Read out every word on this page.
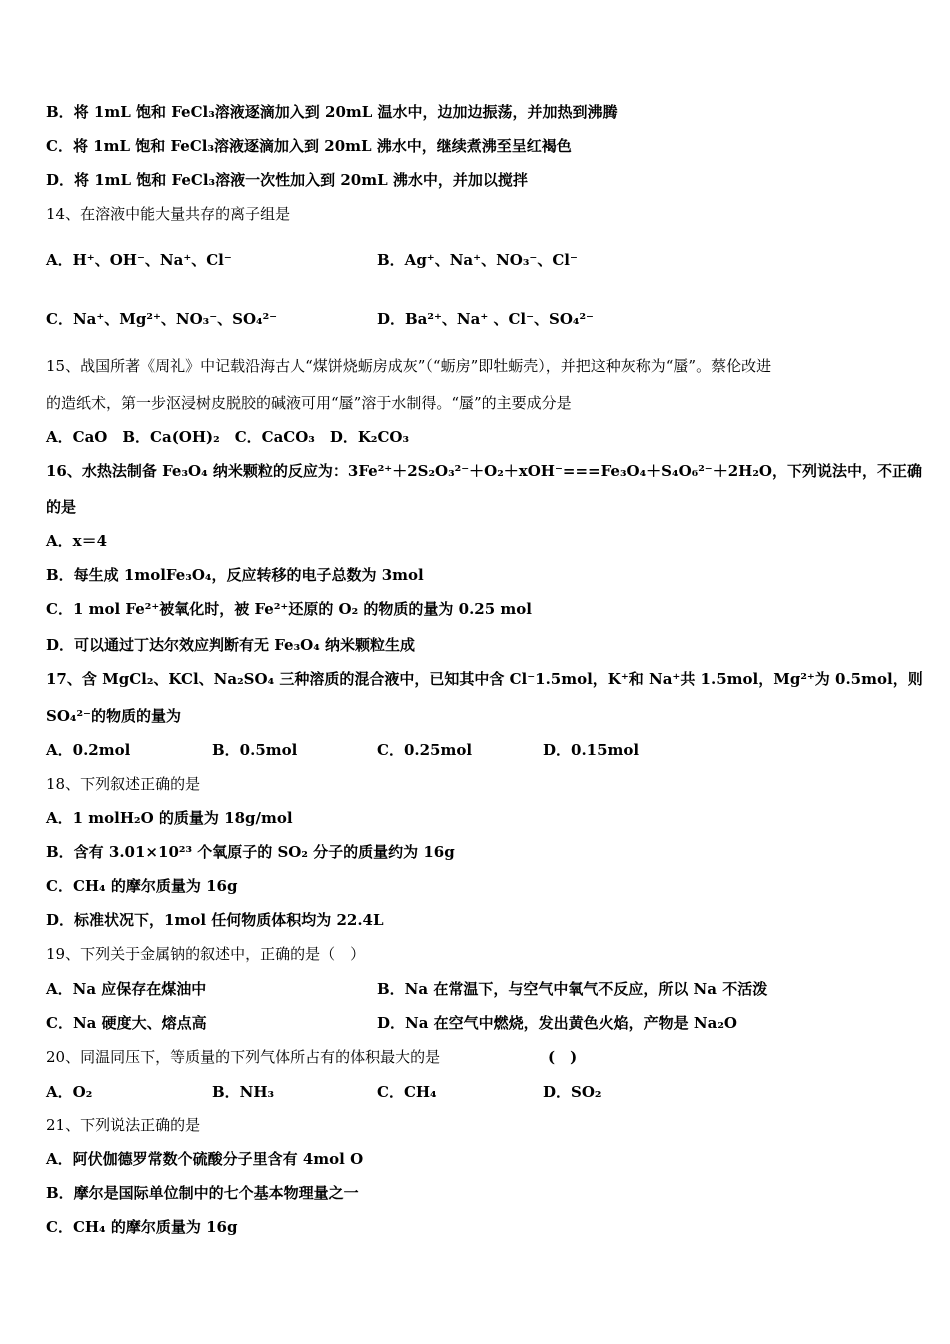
B．将 1mL 饱和 FeCl₃溶液逐滴加入到 20mL 温水中，边加边振荡，并加热到沸腾
C．将 1mL 饱和 FeCl₃溶液逐滴加入到 20mL 沸水中，继续煮沸至呈红褐色
D．将 1mL 饱和 FeCl₃溶液一次性加入到 20mL 沸水中，并加以搅拌
14、在溶液中能大量共存的离子组是
A．H⁺、OH⁻、Na⁺、Cl⁻	B．Ag⁺、Na⁺、NO₃⁻、Cl⁻
C．Na⁺、Mg²⁺、NO₃⁻、SO₄²⁻	D．Ba²⁺、Na⁺ 、Cl⁻、SO₄²⁻
15、战国所著《周礼》中记载沿海古人“煤饼烧蛎房成灰”（“蛎房”即牡蛎壳），并把这种灰称为“蜃”。蔡伦改进
的造纸术，第一步沤浸树皮脱胶的碱液可用“蜃”溶于水制得。“蜃”的主要成分是
A．CaO　B．Ca(OH)₂　C．CaCO₃　D．K₂CO₃
16、水热法制备 Fe₃O₄ 纳米颗粒的反应为：3Fe²⁺＋2S₂O₃²⁻＋O₂＋xOH⁻===Fe₃O₄＋S₄O₆²⁻＋2H₂O，下列说法中，不正确
的是
A．x＝4
B．每生成 1molFe₃O₄，反应转移的电子总数为 3mol
C．1 mol Fe²⁺被氧化时，被 Fe²⁺还原的 O₂ 的物质的量为 0.25 mol
D．可以通过丁达尔效应判断有无 Fe₃O₄ 纳米颗粒生成
17、含 MgCl₂、KCl、Na₂SO₄ 三种溶质的混合液中，已知其中含 Cl⁻1.5mol，K⁺和 Na⁺共 1.5mol，Mg²⁺为 0.5mol，则
SO₄²⁻的物质的量为
A．0.2mol	B．0.5mol	C．0.25mol	D．0.15mol
18、下列叙述正确的是
A．1 molH₂O 的质量为 18g/mol
B．含有 3.01×10²³ 个氧原子的 SO₂ 分子的质量约为 16g
C．CH₄ 的摩尔质量为 16g
D．标准状况下，1mol 任何物质体积均为 22.4L
19、下列关于金属钠的叙述中，正确的是（　）
A．Na 应保存在煤油中	B．Na 在常温下，与空气中氧气不反应，所以 Na 不活泼
C．Na 硬度大、熔点高	D．Na 在空气中燃烧，发出黄色火焰，产物是 Na₂O
20、同温同压下，等质量的下列气体所占有的体积最大的是	(　)
A．O₂	B．NH₃	C．CH₄	D．SO₂
21、下列说法正确的是
A．阿伏伽德罗常数个硫酸分子里含有 4mol O
B．摩尔是国际单位制中的七个基本物理量之一
C．CH₄ 的摩尔质量为 16g
